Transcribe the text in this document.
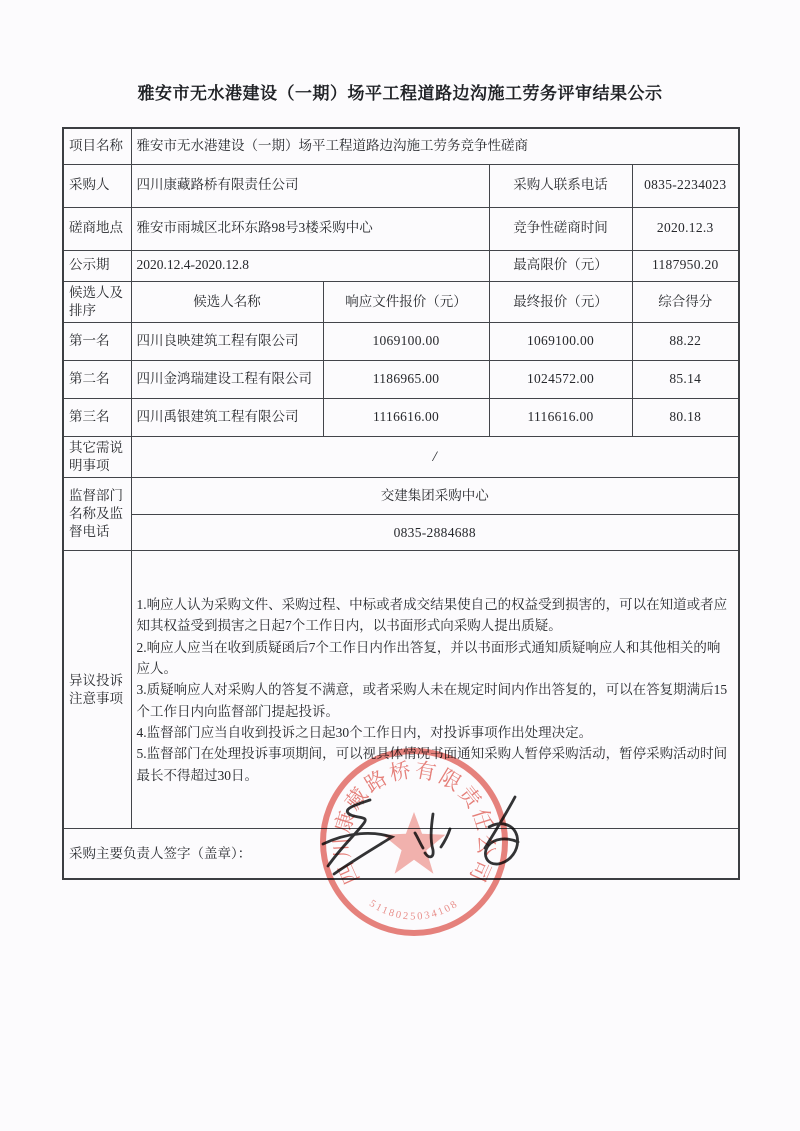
雅安市无水港建设（一期）场平工程道路边沟施工劳务评审结果公示
项目名称	雅安市无水港建设（一期）场平工程道路边沟施工劳务竞争性磋商			
采购人	四川康藏路桥有限责任公司		采购人联系电话	0835-2234023
磋商地点	雅安市雨城区北环东路98号3楼采购中心		竞争性磋商时间	2020.12.3
公示期	2020.12.4-2020.12.8		最高限价（元）	1187950.20
候选人及排序	候选人名称	响应文件报价（元）	最终报价（元）	综合得分
第一名	四川良映建筑工程有限公司	1069100.00	1069100.00	88.22
第二名	四川金鸿瑞建设工程有限公司	1186965.00	1024572.00	85.14
第三名	四川禹银建筑工程有限公司	1116616.00	1116616.00	80.18
其它需说明事项	/			
监督部门名称及监督电话	交建集团采购中心			
	0835-2884688			
异议投诉注意事项	1.响应人认为采购文件、采购过程、中标或者成交结果使自己的权益受到损害的，可以在知道或者应知其权益受到损害之日起7个工作日内，以书面形式向采购人提出质疑。
2.响应人应当在收到质疑函后7个工作日内作出答复，并以书面形式通知质疑响应人和其他相关的响应人。
3.质疑响应人对采购人的答复不满意，或者采购人未在规定时间内作出答复的，可以在答复期满后15个工作日内向监督部门提起投诉。
4.监督部门应当自收到投诉之日起30个工作日内，对投诉事项作出处理决定。
5.监督部门在处理投诉事项期间，可以视具体情况书面通知采购人暂停采购活动，暂停采购活动时间最长不得超过30日。			

采购主要负责人签字（盖章）：				
四川康藏路桥有限责任公司
5118025034108
